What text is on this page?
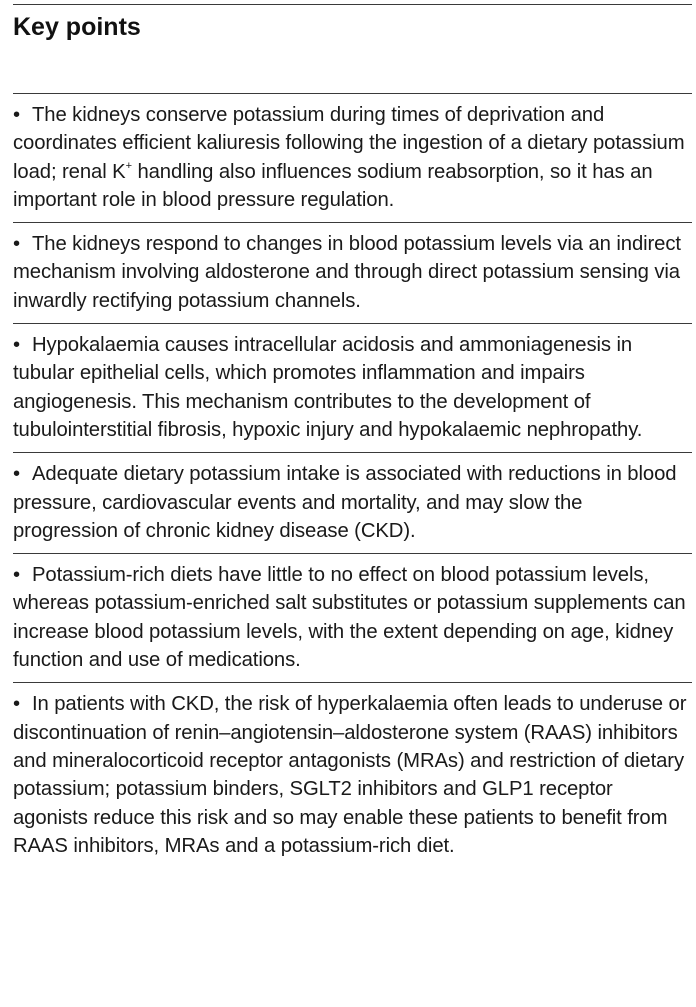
Key points
• The kidneys conserve potassium during times of deprivation and coordinates efficient kaliuresis following the ingestion of a dietary potassium load; renal K+ handling also influences sodium reabsorption, so it has an important role in blood pressure regulation.
• The kidneys respond to changes in blood potassium levels via an indirect mechanism involving aldosterone and through direct potassium sensing via inwardly rectifying potassium channels.
• Hypokalaemia causes intracellular acidosis and ammoniagenesis in tubular epithelial cells, which promotes inflammation and impairs angiogenesis. This mechanism contributes to the development of tubulointerstitial fibrosis, hypoxic injury and hypokalaemic nephropathy.
• Adequate dietary potassium intake is associated with reductions in blood pressure, cardiovascular events and mortality, and may slow the progression of chronic kidney disease (CKD).
• Potassium-rich diets have little to no effect on blood potassium levels, whereas potassium-enriched salt substitutes or potassium supplements can increase blood potassium levels, with the extent depending on age, kidney function and use of medications.
• In patients with CKD, the risk of hyperkalaemia often leads to underuse or discontinuation of renin–angiotensin–aldosterone system (RAAS) inhibitors and mineralocorticoid receptor antagonists (MRAs) and restriction of dietary potassium; potassium binders, SGLT2 inhibitors and GLP1 receptor agonists reduce this risk and so may enable these patients to benefit from RAAS inhibitors, MRAs and a potassium-rich diet.
